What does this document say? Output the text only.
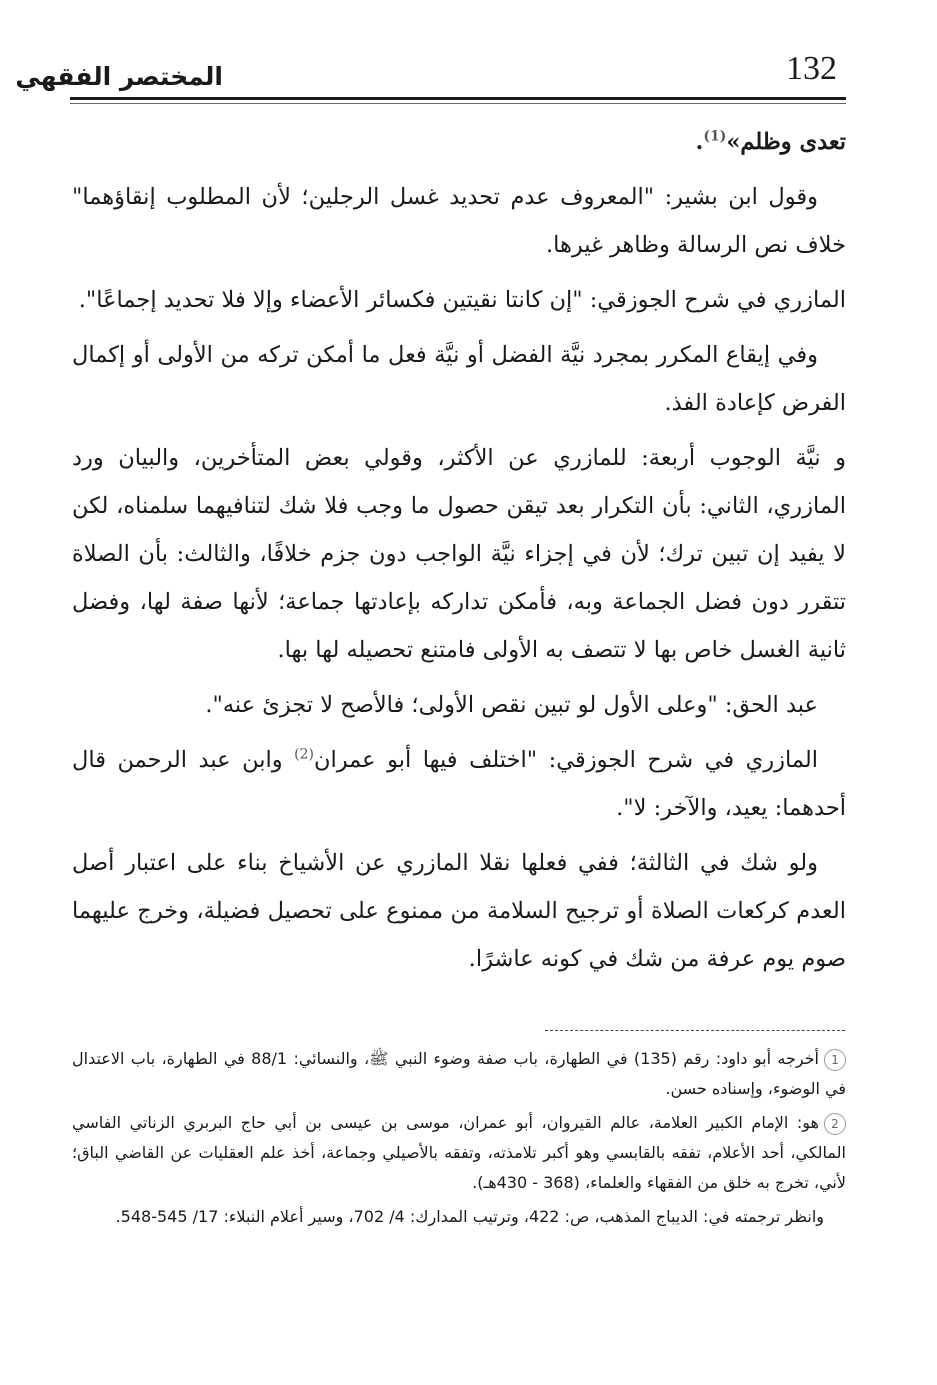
المختصر الفقهي	132

تعدى وظلم»$^{(1)}$.

وقول ابن بشير: "المعروف عدم تحديد غسل الرجلين؛ لأن المطلوب إنقاؤهما" خلاف نص الرسالة وظاهر غيرها.

المازري في شرح الجوزقي: "إن كانتا نقيتين فكسائر الأعضاء وإلا فلا تحديد إجماعًا".

وفي إيقاع المكرر بمجرد نيَّة الفضل أو نيَّة فعل ما أمكن تركه من الأولى أو إكمال الفرض كإعادة الفذ.

و نيَّة الوجوب أربعة: للمازري عن الأكثر، وقولي بعض المتأخرين، والبيان ورد المازري، الثاني: بأن التكرار بعد تيقن حصول ما وجب فلا شك لتنافيهما سلمناه، لكن لا يفيد إن تبين ترك؛ لأن في إجزاء نيَّة الواجب دون جزم خلافًا، والثالث: بأن الصلاة تتقرر دون فضل الجماعة وبه، فأمكن تداركه بإعادتها جماعة؛ لأنها صفة لها، وفضل ثانية الغسل خاص بها لا تتصف به الأولى فامتنع تحصيله لها بها.

عبد الحق: "وعلى الأول لو تبين نقص الأولى؛ فالأصح لا تجزئ عنه".

المازري في شرح الجوزقي: "اختلف فيها أبو عمران$^{(2)}$ وابن عبد الرحمن قال أحدهما: يعيد، والآخر: لا".

ولو شك في الثالثة؛ ففي فعلها نقلا المازري عن الأشياخ بناء على اعتبار أصل العدم كركعات الصلاة أو ترجيح السلامة من ممنوع على تحصيل فضيلة، وخرج عليهما صوم يوم عرفة من شك في كونه عاشرًا.

1أخرجه أبو داود: رقم (135) في الطهارة، باب صفة وضوء النبي ﷺ، والنسائي: 88/1 في الطهارة، باب الاعتدال في الوضوء، وإسناده حسن.

2هو: الإمام الكبير العلامة، عالم القيروان، أبو عمران، موسى بن عيسى بن أبي حاج البربري الزناتي الفاسي المالكي، أحد الأعلام، تفقه بالقابسي وهو أكبر تلامذته، وتفقه بالأصيلي وجماعة، أخذ علم العقليات عن القاضي الباق؛ لأني، تخرج به خلق من الفقهاء والعلماء، (368 - 430هـ).

وانظر ترجمته في: الديباج المذهب، ص: 422، وترتيب المدارك: 4/ 702، وسير أعلام النبلاء: 17/ 545-548.
